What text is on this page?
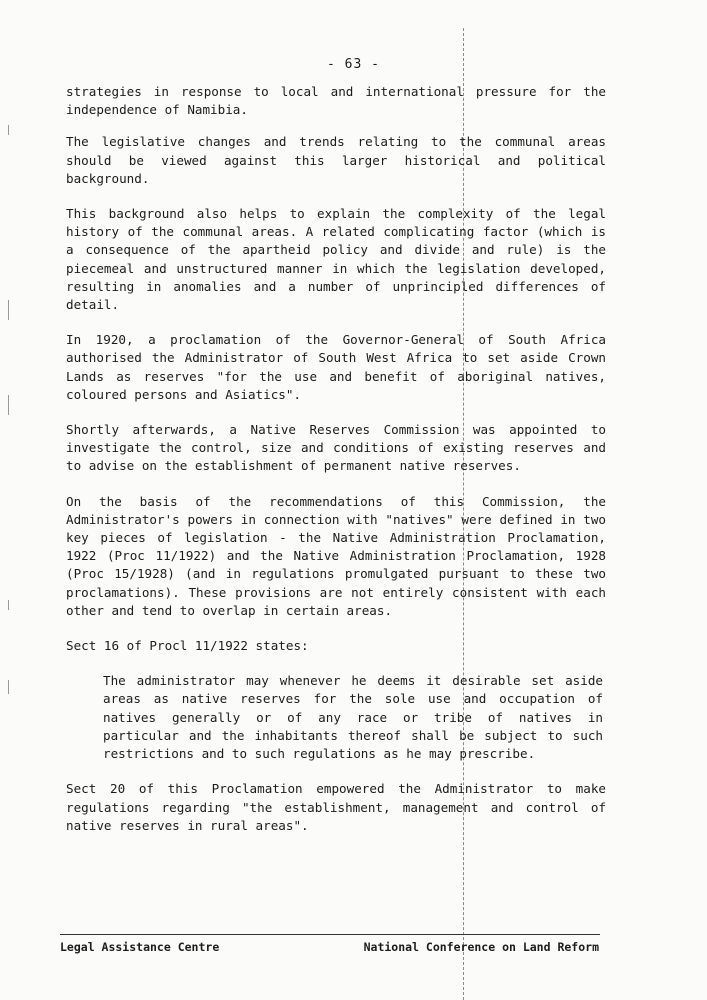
- 63 -

strategies in response to local and international pressure for the independence of Namibia.

The legislative changes and trends relating to the communal areas should be viewed against this larger historical and political background.

This background also helps to explain the complexity of the legal history of the communal areas. A related complicating factor (which is a consequence of the apartheid policy and divide and rule) is the piecemeal and unstructured manner in which the legislation developed, resulting in anomalies and a number of unprincipled differences of detail.

In 1920, a proclamation of the Governor-General of South Africa authorised the Administrator of South West Africa to set aside Crown Lands as reserves "for the use and benefit of aboriginal natives, coloured persons and Asiatics".

Shortly afterwards, a Native Reserves Commission was appointed to investigate the control, size and conditions of existing reserves and to advise on the establishment of permanent native reserves.

On the basis of the recommendations of this Commission, the Administrator's powers in connection with "natives" were defined in two key pieces of legislation - the Native Administration Proclamation, 1922 (Proc 11/1922) and the Native Administration Proclamation, 1928 (Proc 15/1928) (and in regulations promulgated pursuant to these two proclamations). These provisions are not entirely consistent with each other and tend to overlap in certain areas.

Sect 16 of Procl 11/1922 states:

The administrator may whenever he deems it desirable set aside areas as native reserves for the sole use and occupation of natives generally or of any race or tribe of natives in particular and the inhabitants thereof shall be subject to such restrictions and to such regulations as he may prescribe.

Sect 20 of this Proclamation empowered the Administrator to make regulations regarding "the establishment, management and control of native reserves in rural areas".

Legal Assistance Centre	National Conference on Land Reform
